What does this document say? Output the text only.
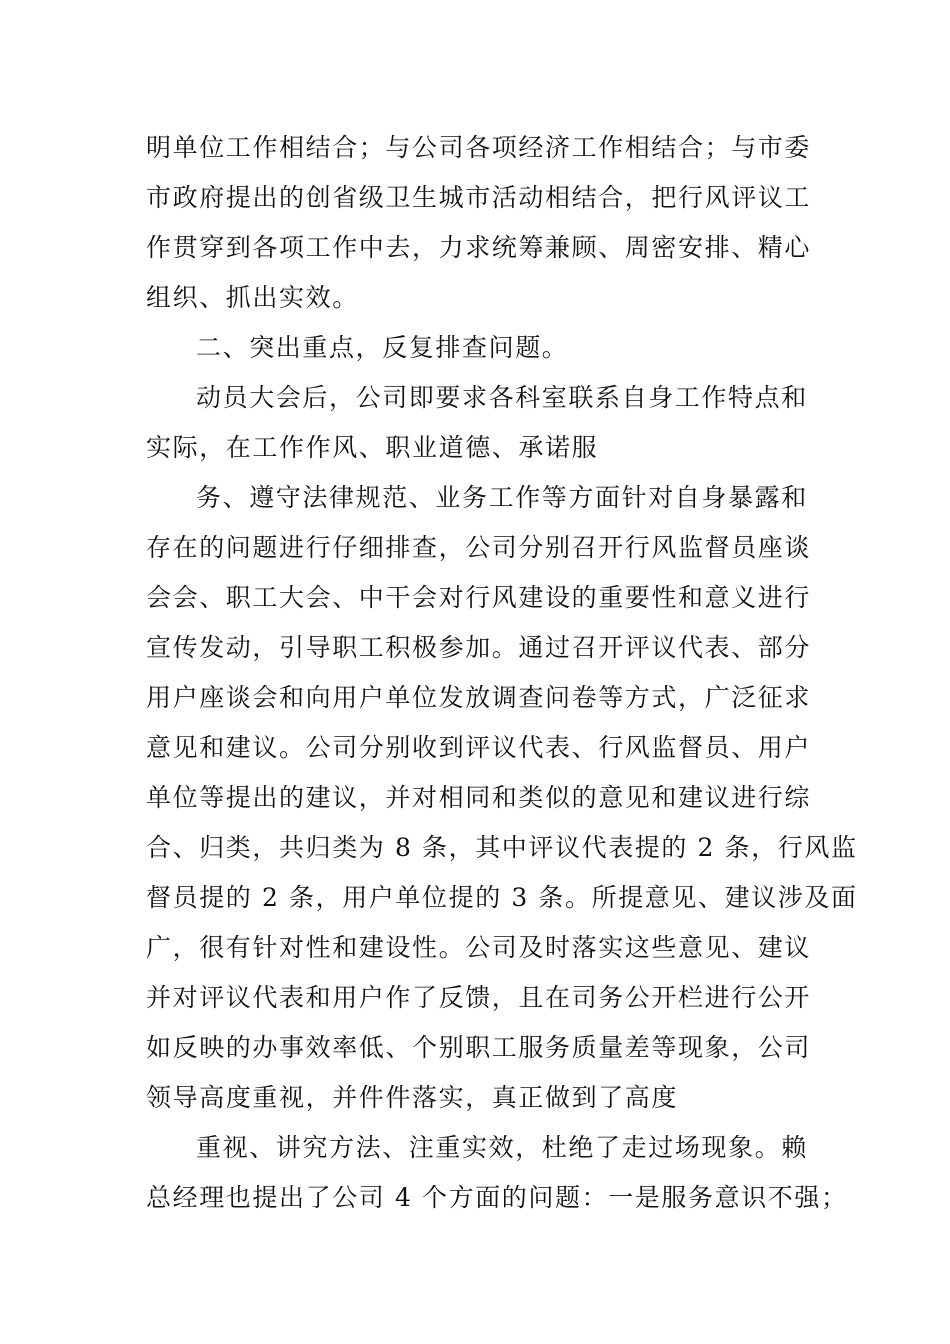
明单位工作相结合；与公司各项经济工作相结合；与市委
市政府提出的创省级卫生城市活动相结合，把行风评议工
作贯穿到各项工作中去，力求统筹兼顾、周密安排、精心
组织、抓出实效。
二、突出重点，反复排查问题。
动员大会后，公司即要求各科室联系自身工作特点和
实际，在工作作风、职业道德、承诺服
务、遵守法律规范、业务工作等方面针对自身暴露和
存在的问题进行仔细排查，公司分别召开行风监督员座谈
会会、职工大会、中干会对行风建设的重要性和意义进行
宣传发动，引导职工积极参加。通过召开评议代表、部分
用户座谈会和向用户单位发放调查问卷等方式，广泛征求
意见和建议。公司分别收到评议代表、行风监督员、用户
单位等提出的建议，并对相同和类似的意见和建议进行综
合、归类，共归类为 8 条，其中评议代表提的 2 条，行风监
督员提的 2 条，用户单位提的 3 条。所提意见、建议涉及面
广，很有针对性和建设性。公司及时落实这些意见、建议
并对评议代表和用户作了反馈，且在司务公开栏进行公开
如反映的办事效率低、个别职工服务质量差等现象，公司
领导高度重视，并件件落实，真正做到了高度
重视、讲究方法、注重实效，杜绝了走过场现象。赖
总经理也提出了公司 4 个方面的问题：一是服务意识不强；
